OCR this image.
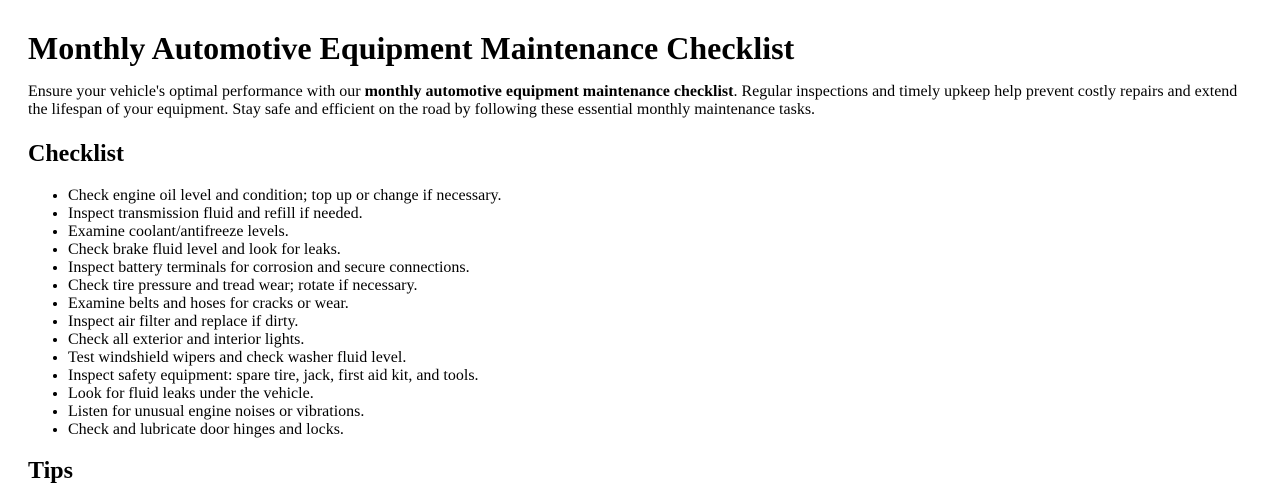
Monthly Automotive Equipment Maintenance Checklist

Ensure your vehicle's optimal performance with our monthly automotive equipment maintenance checklist. Regular inspections and timely upkeep help prevent costly repairs and extend the lifespan of your equipment. Stay safe and efficient on the road by following these essential monthly maintenance tasks.

Checklist
• Check engine oil level and condition; top up or change if necessary.
• Inspect transmission fluid and refill if needed.
• Examine coolant/antifreeze levels.
• Check brake fluid level and look for leaks.
• Inspect battery terminals for corrosion and secure connections.
• Check tire pressure and tread wear; rotate if necessary.
• Examine belts and hoses for cracks or wear.
• Inspect air filter and replace if dirty.
• Check all exterior and interior lights.
• Test windshield wipers and check washer fluid level.
• Inspect safety equipment: spare tire, jack, first aid kit, and tools.
• Look for fluid leaks under the vehicle.
• Listen for unusual engine noises or vibrations.
• Check and lubricate door hinges and locks.
Tips
